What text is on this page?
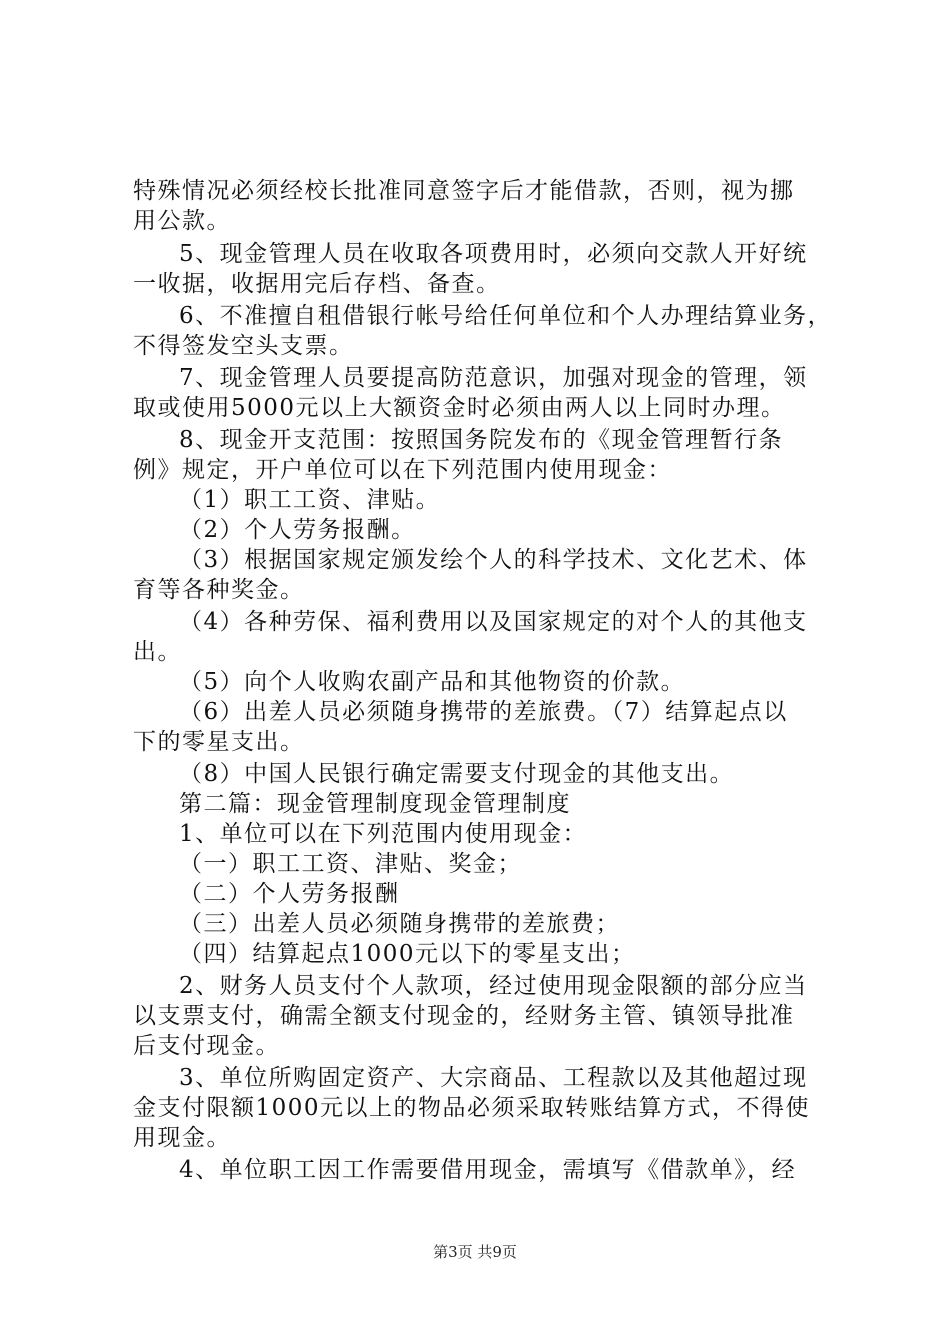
特殊情况必须经校长批准同意签字后才能借款，否则，视为挪
用公款。
5、现金管理人员在收取各项费用时，必须向交款人开好统
一收据，收据用完后存档、备查。
6、不准擅自租借银行帐号给任何单位和个人办理结算业务，
不得签发空头支票。
7、现金管理人员要提高防范意识，加强对现金的管理，领
取或使用5000元以上大额资金时必须由两人以上同时办理。
8、现金开支范围：按照国务院发布的《现金管理暂行条
例》规定，开户单位可以在下列范围内使用现金：
（1）职工工资、津贴。
（2）个人劳务报酬。
（3）根据国家规定颁发绘个人的科学技术、文化艺术、体
育等各种奖金。
（4）各种劳保、福利费用以及国家规定的对个人的其他支
出。
（5）向个人收购农副产品和其他物资的价款。
（6）出差人员必须随身携带的差旅费。（7）结算起点以
下的零星支出。
（8）中国人民银行确定需要支付现金的其他支出。
第二篇：现金管理制度现金管理制度
1、单位可以在下列范围内使用现金：
（一）职工工资、津贴、奖金；
（二）个人劳务报酬
（三）出差人员必须随身携带的差旅费；
（四）结算起点1000元以下的零星支出；
2、财务人员支付个人款项，经过使用现金限额的部分应当
以支票支付，确需全额支付现金的，经财务主管、镇领导批准
后支付现金。
3、单位所购固定资产、大宗商品、工程款以及其他超过现
金支付限额1000元以上的物品必须采取转账结算方式，不得使
用现金。
4、单位职工因工作需要借用现金，需填写《借款单》，经
第3页 共9页
